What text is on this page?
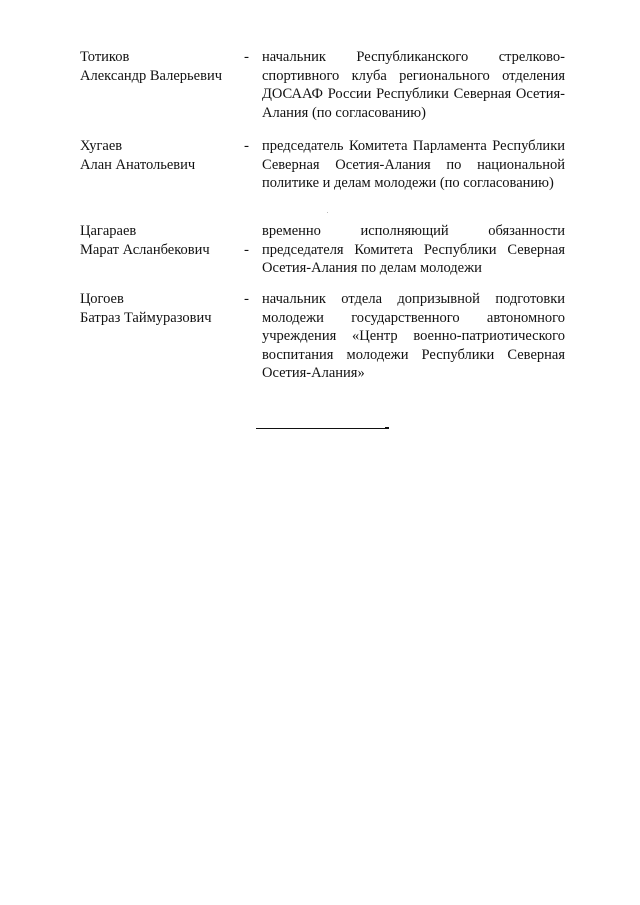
Тотиков
Александр Валерьевич
- начальник Республиканского стрелково-спортивного клуба регионального отделения ДОСААФ России Республики Северная Осетия-Алания (по согласованию)
Хугаев
Алан Анатольевич
- председатель Комитета Парламента Республики Северная Осетия-Алания по национальной политике и делам молодежи (по согласованию)
Цагараев
Марат Асланбекович	-
временно исполняющий обязанности председателя Комитета Республики Северная Осетия-Алания по делам молодежи
Цогоев
Батраз Таймуразович
- начальник отдела допризывной подготовки молодежи государственного автономного учреждения «Центр военно-патриотического воспитания молодежи Республики Северная Осетия-Алания»
